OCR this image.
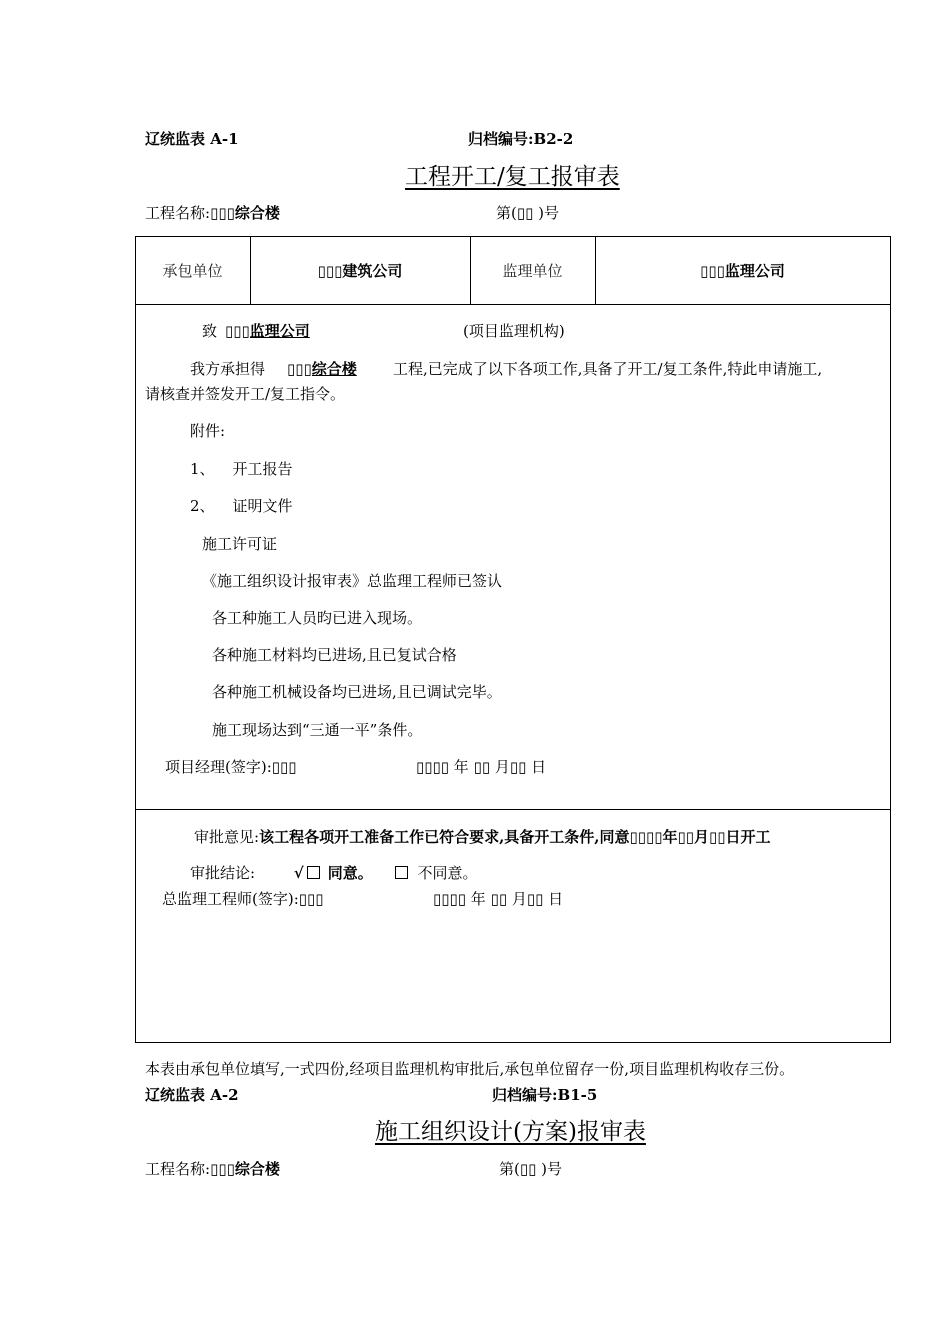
辽统监表 A-1	归档编号:B2-2
工程开工/复工报审表
工程名称:▯▯▯综合楼	第(▯▯ )号
承包单位	▯▯▯建筑公司	监理单位	▯▯▯监理公司
致 ▯▯▯监理公司	(项目监理机构)
我方承担得 ▯▯▯综合楼 工程,已完成了以下各项工作,具备了开工/复工条件,特此申请施工,
请核查并签发开工/复工指令。
附件:
1、 开工报告
2、 证明文件
施工许可证
《施工组织设计报审表》总监理工程师已签认
各工种施工人员昀已进入现场。
各种施工材料均已进场,且已复试合格
各种施工机械设备均已进场,且已调试完毕。
施工现场达到“三通一平”条件。
项目经理(签字):▯▯▯	▯▯▯▯ 年 ▯▯ 月▯▯ 日
审批意见:该工程各项开工准备工作已符合要求,具备开工条件,同意▯▯▯▯年▯▯月▯▯日开工
审批结论:	√ 同意。	不同意。
总监理工程师(签字):▯▯▯	▯▯▯▯ 年 ▯▯ 月▯▯ 日
本表由承包单位填写,一式四份,经项目监理机构审批后,承包单位留存一份,项目监理机构收存三份。
辽统监表 A-2	归档编号:B1-5
施工组织设计(方案)报审表
工程名称:▯▯▯综合楼	第(▯▯ )号
